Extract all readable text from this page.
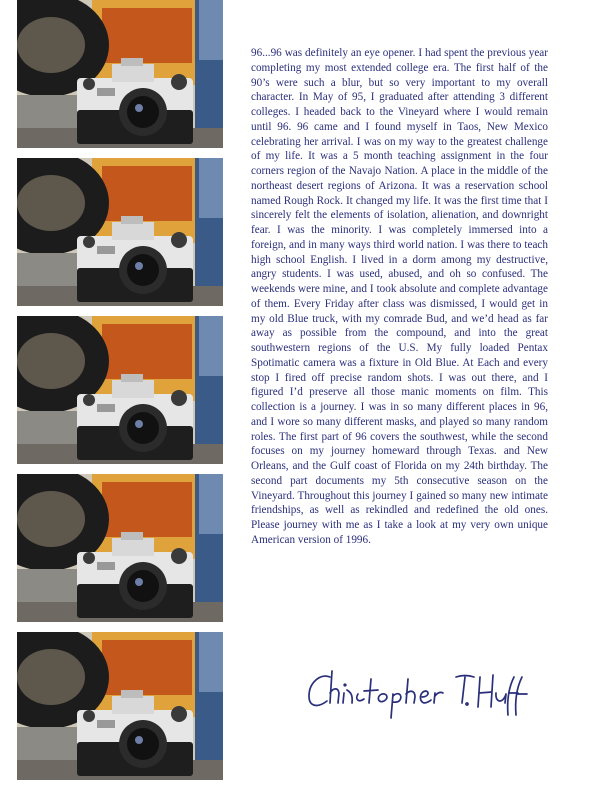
96...96 was definitely an eye opener. I had spent the previous year completing my most extended college era. The first half of the 90’s were such a blur, but so very important to my overall character. In May of 95, I graduated after attending 3 different colleges. I headed back to the Vineyard where I would remain until 96. 96 came and I found myself in Taos, New Mexico celebrating her arrival. I was on my way to the greatest challenge of my life. It was a 5 month teaching assignment in the four corners region of the Navajo Nation. A place in the middle of the northeast desert regions of Arizona. It was a reservation school named Rough Rock. It changed my life. It was the first time that I sincerely felt the elements of isolation, alienation, and downright fear. I was the minority. I was completely immersed into a foreign, and in many ways third world nation. I was there to teach high school English. I lived in a dorm among my destructive, angry students. I was used, abused, and oh so confused. The weekends were mine, and I took absolute and complete advantage of them. Every Friday after class was dismissed, I would get in my old Blue truck, with my comrade Bud, and we’d head as far away as possible from the compound, and into the great southwestern regions of the U.S. My fully loaded Pentax Spotimatic camera was a fixture in Old Blue. At Each and every stop I fired off precise random shots. I was out there, and I figured I’d preserve all those manic moments on film. This collection is a journey. I was in so many different places in 96, and I wore so many different masks, and played so many random roles. The first part of 96 covers the southwest, while the second focuses on my journey homeward through Texas. and New Orleans, and the Gulf coast of Florida on my 24th birthday. The second part documents my 5th consecutive season on the Vineyard. Throughout this journey I gained so many new intimate friendships, as well as rekindled and redefined the old ones. Please journey with me as I take a look at my very own unique American version of 1996.
